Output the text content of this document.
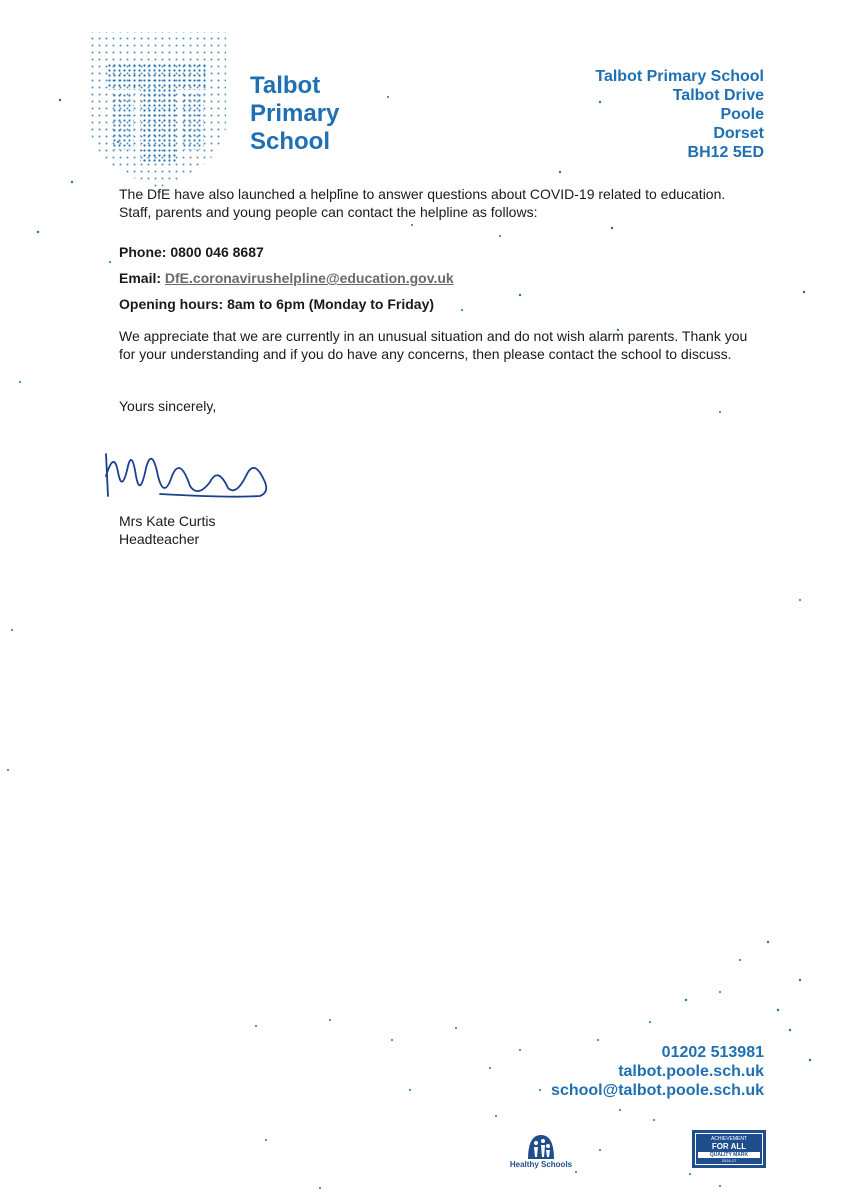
Talbot
Primary
School
Talbot Primary School
Talbot Drive
Poole
Dorset
BH12 5ED

The DfE have also launched a helpline to answer questions about COVID-19 related to education. Staff, parents and young people can contact the helpline as follows:

Phone: 0800 046 8687

Email: DfE.coronavirushelpline@education.gov.uk

Opening hours: 8am to 6pm (Monday to Friday)

We appreciate that we are currently in an unusual situation and do not wish alarm parents. Thank you for your understanding and if you do have any concerns, then please contact the school to discuss.

Yours sincerely,

Mrs Kate Curtis
Headteacher
01202 513981
talbot.poole.sch.uk
school@talbot.poole.sch.uk
Healthy Schools
ACHIEVEMENT
FOR ALL
QUALITY MARK
2016-17
